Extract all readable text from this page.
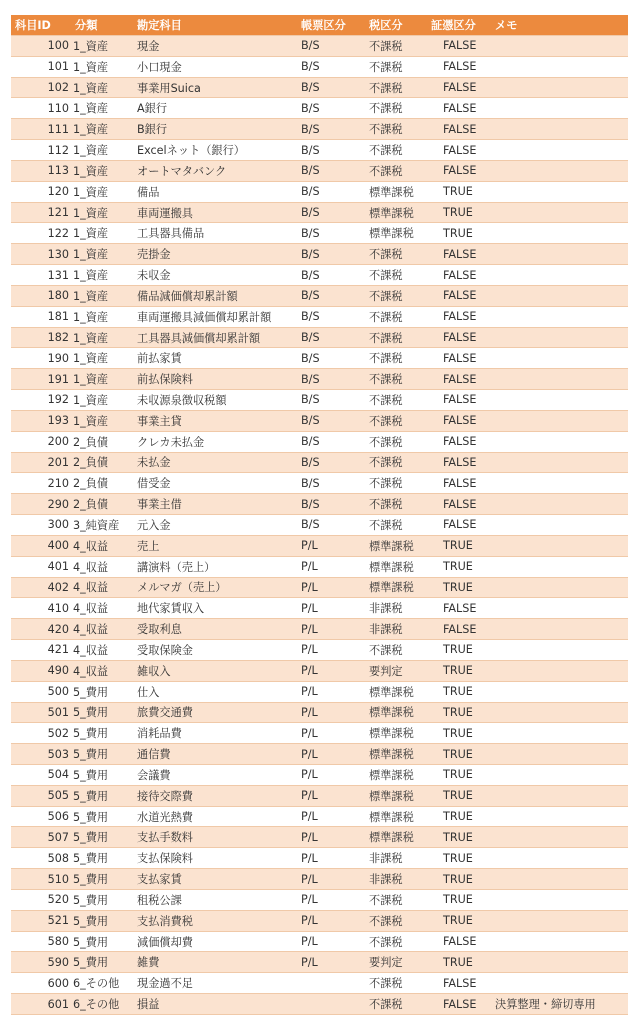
科目ID	分類	勘定科目	帳票区分	税区分	証憑区分	メモ
100	1_資産	現金	B/S	不課税	FALSE	
101	1_資産	小口現金	B/S	不課税	FALSE	
102	1_資産	事業用Suica	B/S	不課税	FALSE	
110	1_資産	A銀行	B/S	不課税	FALSE	
111	1_資産	B銀行	B/S	不課税	FALSE	
112	1_資産	Excelネット（銀行）	B/S	不課税	FALSE	
113	1_資産	オートマタバンク	B/S	不課税	FALSE	
120	1_資産	備品	B/S	標準課税	TRUE	
121	1_資産	車両運搬具	B/S	標準課税	TRUE	
122	1_資産	工具器具備品	B/S	標準課税	TRUE	
130	1_資産	売掛金	B/S	不課税	FALSE	
131	1_資産	未収金	B/S	不課税	FALSE	
180	1_資産	備品減価償却累計額	B/S	不課税	FALSE	
181	1_資産	車両運搬具減価償却累計額	B/S	不課税	FALSE	
182	1_資産	工具器具減価償却累計額	B/S	不課税	FALSE	
190	1_資産	前払家賃	B/S	不課税	FALSE	
191	1_資産	前払保険料	B/S	不課税	FALSE	
192	1_資産	未収源泉徴収税額	B/S	不課税	FALSE	
193	1_資産	事業主貸	B/S	不課税	FALSE	
200	2_負債	クレカ未払金	B/S	不課税	FALSE	
201	2_負債	未払金	B/S	不課税	FALSE	
210	2_負債	借受金	B/S	不課税	FALSE	
290	2_負債	事業主借	B/S	不課税	FALSE	
300	3_純資産	元入金	B/S	不課税	FALSE	
400	4_収益	売上	P/L	標準課税	TRUE	
401	4_収益	講演料（売上）	P/L	標準課税	TRUE	
402	4_収益	メルマガ（売上）	P/L	標準課税	TRUE	
410	4_収益	地代家賃収入	P/L	非課税	FALSE	
420	4_収益	受取利息	P/L	非課税	FALSE	
421	4_収益	受取保険金	P/L	不課税	TRUE	
490	4_収益	雑収入	P/L	要判定	TRUE	
500	5_費用	仕入	P/L	標準課税	TRUE	
501	5_費用	旅費交通費	P/L	標準課税	TRUE	
502	5_費用	消耗品費	P/L	標準課税	TRUE	
503	5_費用	通信費	P/L	標準課税	TRUE	
504	5_費用	会議費	P/L	標準課税	TRUE	
505	5_費用	接待交際費	P/L	標準課税	TRUE	
506	5_費用	水道光熱費	P/L	標準課税	TRUE	
507	5_費用	支払手数料	P/L	標準課税	TRUE	
508	5_費用	支払保険料	P/L	非課税	TRUE	
510	5_費用	支払家賃	P/L	非課税	TRUE	
520	5_費用	租税公課	P/L	不課税	TRUE	
521	5_費用	支払消費税	P/L	不課税	TRUE	
580	5_費用	減価償却費	P/L	不課税	FALSE	
590	5_費用	雑費	P/L	要判定	TRUE	
600	6_その他	現金過不足		不課税	FALSE	
601	6_その他	損益		不課税	FALSE	決算整理・締切専用
